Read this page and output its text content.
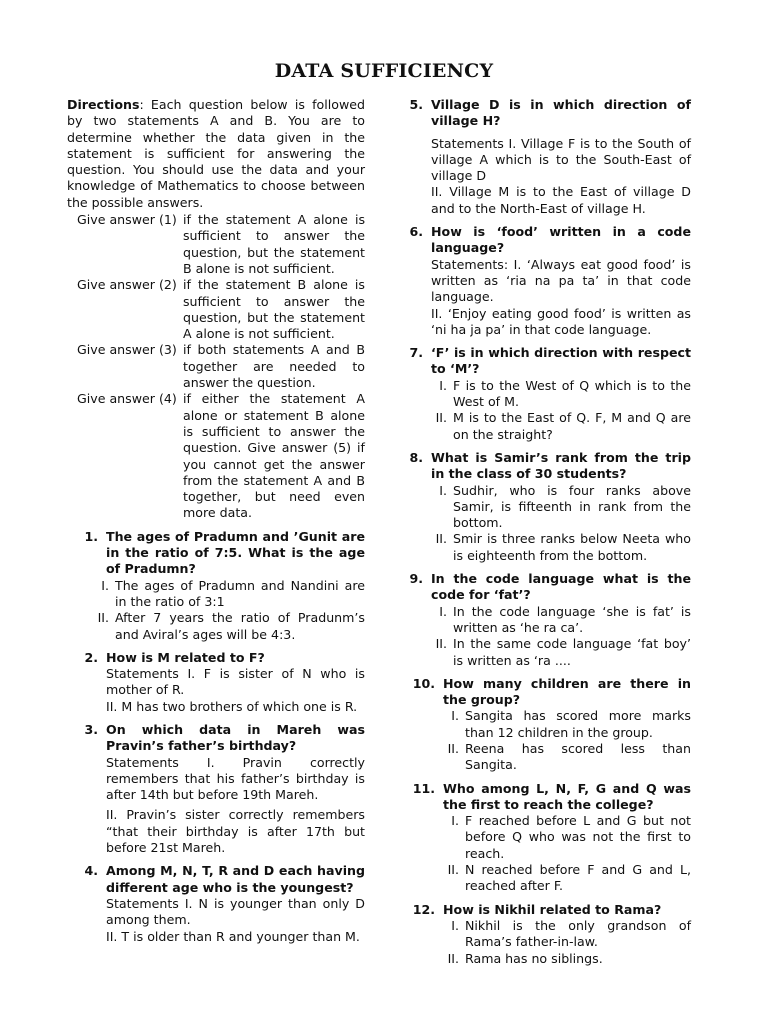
DATA SUFFICIENCY

Directions: Each question below is followed by two statements A and B. You are to determine whether the data given in the statement is sufficient for answering the question. You should use the data and your knowledge of Mathematics to choose between the possible answers.

Give answer (1) if the statement A alone is sufficient to answer the question, but the statement B alone is not sufficient.
Give answer (2) if the statement B alone is sufficient to answer the question, but the statement A alone is not sufficient.
Give answer (3) if both statements A and B together are needed to answer the question.
Give answer (4) if either the statement A alone or statement B alone is sufficient to answer the question. Give answer (5) if you cannot get the answer from the statement A and B together, but need even more data.
1. The ages of Pradumn and ’Gunit are in the ratio of 7:5. What is the age of Pradumn?
I. The ages of Pradumn and Nandini are in the ratio of 3:1
II. After 7 years the ratio of Pradunm’s and Aviral’s ages will be 4:3.
2. How is M related to F?

Statements I. F is sister of N who is mother of R.

II. M has two brothers of which one is R.

3. On which data in Mareh was Pravin’s father’s birthday?

Statements I. Pravin correctly remembers that his father’s birthday is after 14th but before 19th Mareh.

II. Pravin’s sister correctly remembers “that their birthday is after 17th but before 21st Mareh.

4. Among M, N, T, R and D each having different age who is the youngest?

Statements I. N is younger than only D among them.

II. T is older than R and younger than M.

5. Village D is in which direction of village H?

Statements I. Village F is to the South of village A which is to the South-East of village D

II. Village M is to the East of village D and to the North-East of village H.

6. How is ‘food’ written in a code language?

Statements: I. ‘Always eat good food’ is written as ‘ria na pa ta’ in that code language.

II. ‘Enjoy eating good food’ is written as ‘ni ha ja pa’ in that code language.

7. ‘F’ is in which direction with respect to ‘M’?
I. F is to the West of Q which is to the West of M.
II. M is to the East of Q. F, M and Q are on the straight?
8. What is Samir’s rank from the trip in the class of 30 students?
I. Sudhir, who is four ranks above Samir, is fifteenth in rank from the bottom.
II. Smir is three ranks below Neeta who is eighteenth from the bottom.
9. In the code language what is the code for ‘fat’?
I. In the code language ‘she is fat’ is written as ‘he ra ca’.
II. In the same code language ‘fat boy’ is written as ‘ra ....
10. How many children are there in the group?
I. Sangita has scored more marks than 12 children in the group.
II. Reena has scored less than Sangita.
11. Who among L, N, F, G and Q was the first to reach the college?
I. F reached before L and G but not before Q who was not the first to reach.
II. N reached before F and G and L, reached after F.
12. How is Nikhil related to Rama?
I. Nikhil is the only grandson of Rama’s father-in-law.
II. Rama has no siblings.
